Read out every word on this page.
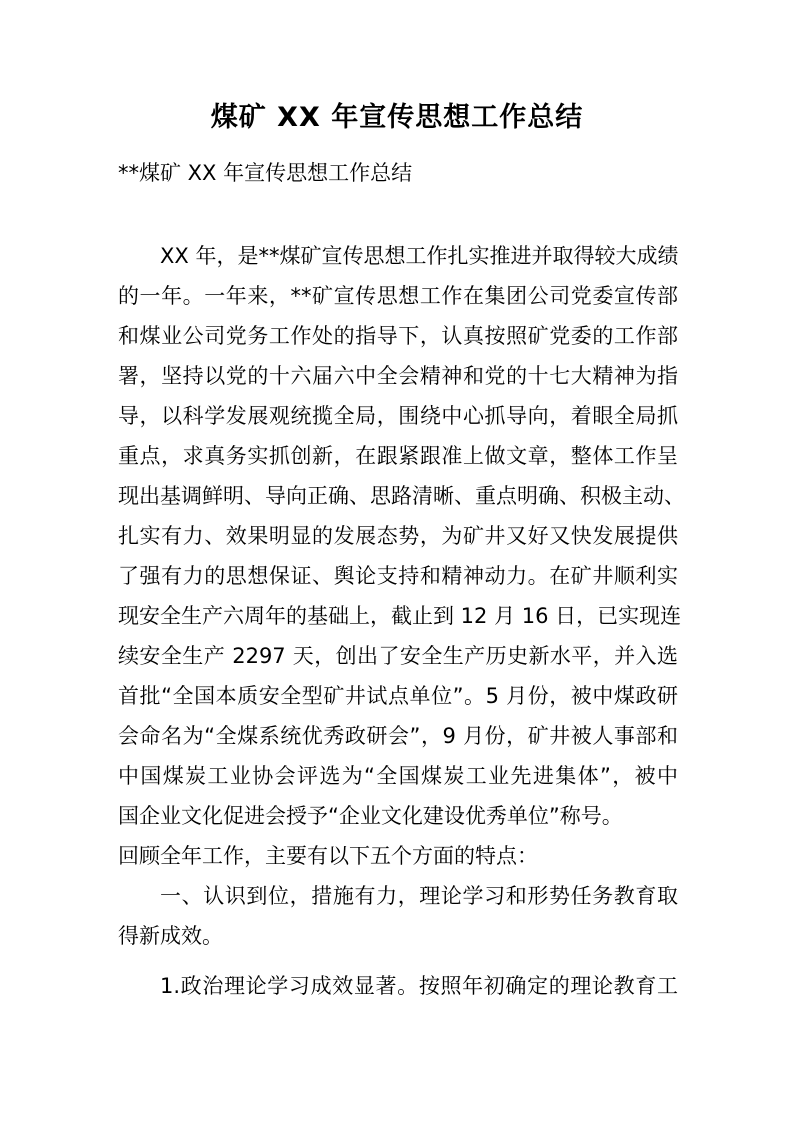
煤矿 XX 年宣传思想工作总结
**煤矿 XX 年宣传思想工作总结
XX 年，是**煤矿宣传思想工作扎实推进并取得较大成绩
的一年。一年来，**矿宣传思想工作在集团公司党委宣传部
和煤业公司党务工作处的指导下，认真按照矿党委的工作部
署，坚持以党的十六届六中全会精神和党的十七大精神为指
导，以科学发展观统揽全局，围绕中心抓导向，着眼全局抓
重点，求真务实抓创新，在跟紧跟准上做文章，整体工作呈
现出基调鲜明、导向正确、思路清晰、重点明确、积极主动、
扎实有力、效果明显的发展态势，为矿井又好又快发展提供
了强有力的思想保证、舆论支持和精神动力。在矿井顺利实
现安全生产六周年的基础上，截止到 12 月 16 日，已实现连
续安全生产 2297 天，创出了安全生产历史新水平，并入选
首批“全国本质安全型矿井试点单位”。5 月份，被中煤政研
会命名为“全煤系统优秀政研会”，9 月份，矿井被人事部和
中国煤炭工业协会评选为“全国煤炭工业先进集体”，被中
国企业文化促进会授予“企业文化建设优秀单位”称号。
回顾全年工作，主要有以下五个方面的特点：
一、认识到位，措施有力，理论学习和形势任务教育取
得新成效。
1.政治理论学习成效显著。按照年初确定的理论教育工
